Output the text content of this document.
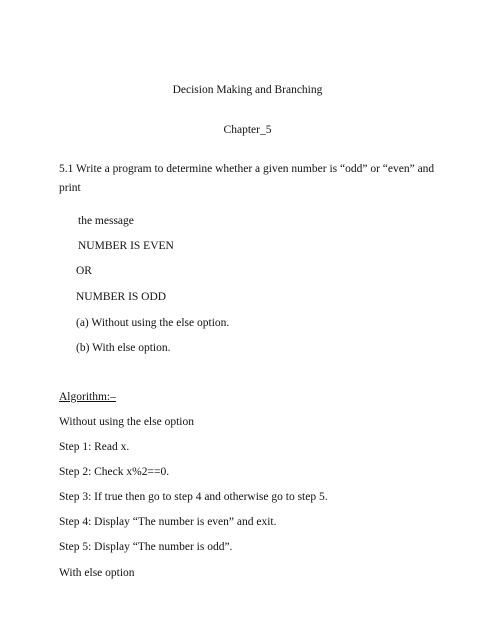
Decision Making and Branching
Chapter_5
5.1 Write a program to determine whether a given number is “odd” or “even” and
print
the message
NUMBER IS EVEN
OR
NUMBER IS ODD
(a) Without using the else option.
(b) With else option.
Algorithm:–
Without using the else option
Step 1: Read x.
Step 2: Check x%2==0.
Step 3: If true then go to step 4 and otherwise go to step 5.
Step 4: Display “The number is even” and exit.
Step 5: Display “The number is odd”.
With else option
